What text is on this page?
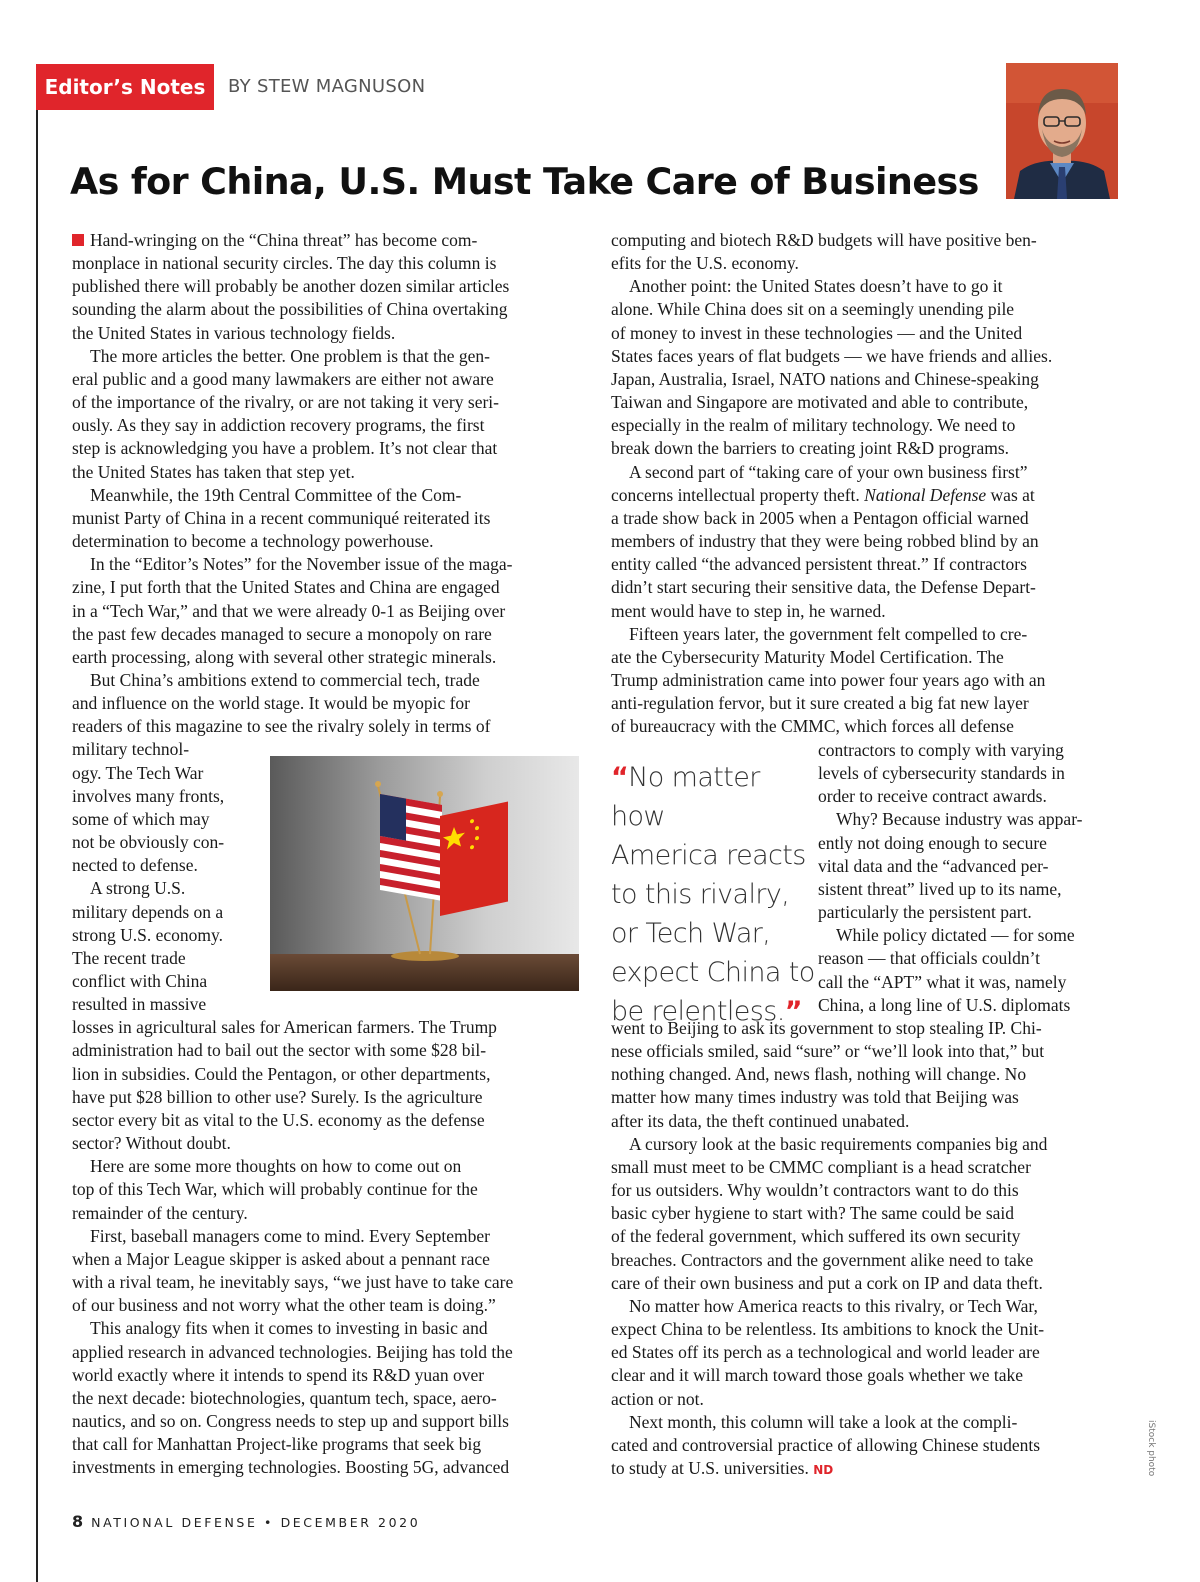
Editor’s Notes	BY STEW MAGNUSON
As for China, U.S. Must Take Care of Business

Hand-wringing on the “China threat” has become com-

monplace in national security circles. The day this column is

published there will probably be another dozen similar articles

sounding the alarm about the possibilities of China overtaking

the United States in various technology fields.

The more articles the better. One problem is that the gen-

eral public and a good many lawmakers are either not aware

of the importance of the rivalry, or are not taking it very seri-

ously. As they say in addiction recovery programs, the first

step is acknowledging you have a problem. It’s not clear that

the United States has taken that step yet.

Meanwhile, the 19th Central Committee of the Com-

munist Party of China in a recent communiqué reiterated its

determination to become a technology powerhouse.

In the “Editor’s Notes” for the November issue of the maga-

zine, I put forth that the United States and China are engaged

in a “Tech War,” and that we were already 0-1 as Beijing over

the past few decades managed to secure a monopoly on rare

earth processing, along with several other strategic minerals.

But China’s ambitions extend to commercial tech, trade

and influence on the world stage. It would be myopic for

readers of this magazine to see the rivalry solely in terms of

military technol-

ogy. The Tech War

involves many fronts,

some of which may

not be obviously con-

nected to defense.

A strong U.S.

military depends on a

strong U.S. economy.

The recent trade

conflict with China

resulted in massive

losses in agricultural sales for American farmers. The Trump

administration had to bail out the sector with some $28 bil-

lion in subsidies. Could the Pentagon, or other departments,

have put $28 billion to other use? Surely. Is the agriculture

sector every bit as vital to the U.S. economy as the defense

sector? Without doubt.

Here are some more thoughts on how to come out on

top of this Tech War, which will probably continue for the

remainder of the century.

First, baseball managers come to mind. Every September

when a Major League skipper is asked about a pennant race

with a rival team, he inevitably says, “we just have to take care

of our business and not worry what the other team is doing.”

This analogy fits when it comes to investing in basic and

applied research in advanced technologies. Beijing has told the

world exactly where it intends to spend its R&D yuan over

the next decade: biotechnologies, quantum tech, space, aero-

nautics, and so on. Congress needs to step up and support bills

that call for Manhattan Project-like programs that seek big

investments in emerging technologies. Boosting 5G, advanced

computing and biotech R&D budgets will have positive ben-

efits for the U.S. economy.

Another point: the United States doesn’t have to go it

alone. While China does sit on a seemingly unending pile

of money to invest in these technologies — and the United

States faces years of flat budgets — we have friends and allies.

Japan, Australia, Israel, NATO nations and Chinese-speaking

Taiwan and Singapore are motivated and able to contribute,

especially in the realm of military technology. We need to

break down the barriers to creating joint R&D programs.

A second part of “taking care of your own business first”

concerns intellectual property theft. National Defense was at

a trade show back in 2005 when a Pentagon official warned

members of industry that they were being robbed blind by an

entity called “the advanced persistent threat.” If contractors

didn’t start securing their sensitive data, the Defense Depart-

ment would have to step in, he warned.

Fifteen years later, the government felt compelled to cre-

ate the Cybersecurity Maturity Model Certification. The

Trump administration came into power four years ago with an

anti-regulation fervor, but it sure created a big fat new layer

of bureaucracy with the CMMC, which forces all defense

contractors to comply with varying

levels of cybersecurity standards in

order to receive contract awards.

Why? Because industry was appar-

ently not doing enough to secure

vital data and the “advanced per-

sistent threat” lived up to its name,

particularly the persistent part.

While policy dictated — for some

reason — that officials couldn’t

call the “APT” what it was, namely

China, a long line of U.S. diplomats

“No matter how
America reacts
to this rivalry,
or Tech War,
expect China to
be relentless.”

went to Beijing to ask its government to stop stealing IP. Chi-

nese officials smiled, said “sure” or “we’ll look into that,” but

nothing changed. And, news flash, nothing will change. No

matter how many times industry was told that Beijing was

after its data, the theft continued unabated.

A cursory look at the basic requirements companies big and

small must meet to be CMMC compliant is a head scratcher

for us outsiders. Why wouldn’t contractors want to do this

basic cyber hygiene to start with? The same could be said

of the federal government, which suffered its own security

breaches. Contractors and the government alike need to take

care of their own business and put a cork on IP and data theft.

No matter how America reacts to this rivalry, or Tech War,

expect China to be relentless. Its ambitions to knock the Unit-

ed States off its perch as a technological and world leader are

clear and it will march toward those goals whether we take

action or not.

Next month, this column will take a look at the compli-

cated and controversial practice of allowing Chinese students

to study at U.S. universities. ND

8 NATIONAL DEFENSE • DECEMBER 2020
iStock photo
